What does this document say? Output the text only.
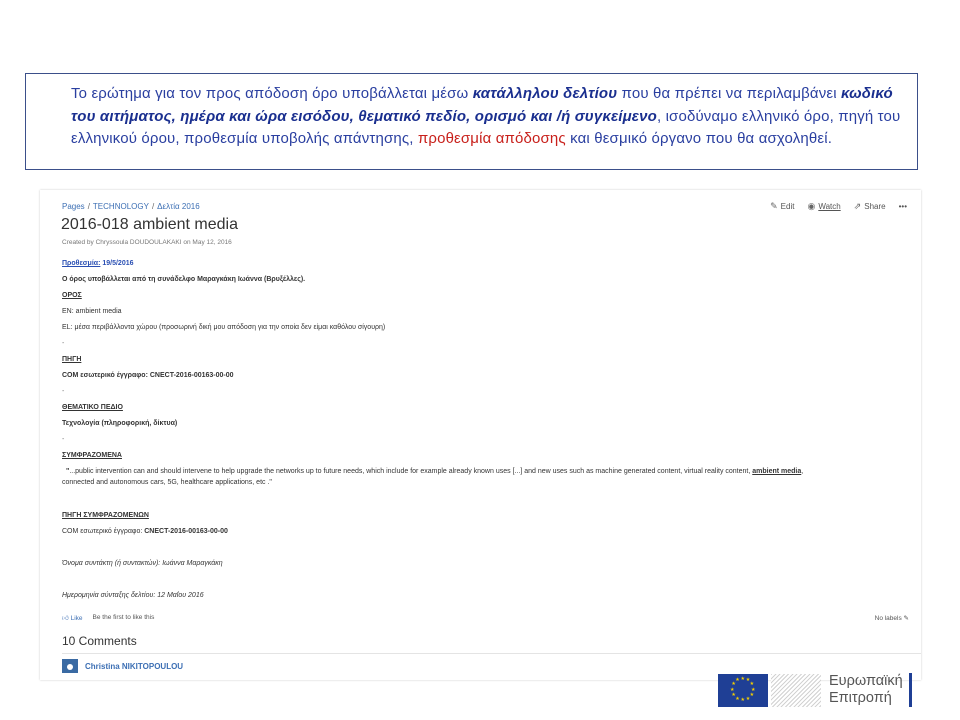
Το ερώτημα για τον προς απόδοση όρο υποβάλλεται μέσω κατάλληλου δελτίου που θα πρέπει να περιλαμβάνει κωδικό του αιτήματος, ημέρα και ώρα εισόδου, θεματικό πεδίο, ορισμό και /ή συγκείμενο, ισοδύναμο ελληνικό όρο, πηγή του ελληνικού όρου, προθεσμία υποβολής απάντησης, προθεσμία απόδοσης και θεσμικό όργανο που θα ασχοληθεί.
Pages / TECHNOLOGY / Δελτία 2016	✎ Edit ◉ Watch ⇗ Share •••
2016-018 ambient media
Created by Chryssoula DOUDOULAKAKI on May 12, 2016
Προθεσμία: 19/5/2016
Ο όρος υποβάλλεται από τη συνάδελφο Μαραγκάκη Ιωάννα (Βρυξέλλες).
ΟΡΟΣ
EN: ambient media
EL: μέσα περιβάλλοντα χώρου (προσωρινή δική μου απόδοση για την οποία δεν είμαι καθόλου σίγουρη)
-
ΠΗΓΗ
COM εσωτερικό έγγραφο: CNECT-2016-00163-00-00
-
ΘΕΜΑΤΙΚΟ ΠΕΔΙΟ
Τεχνολογία (πληροφορική, δίκτυα)
-
ΣΥΜΦΡΑΖΟΜΕΝΑ
"...public intervention can and should intervene to help upgrade the networks up to future needs, which include for example already known uses [...] and new uses such as machine generated content, virtual reality content, ambient media,
connected and autonomous cars, 5G, healthcare applications, etc ."
ΠΗΓΗ ΣΥΜΦΡΑΖΟΜΕΝΩΝ
COM εσωτερικό έγγραφο: CNECT-2016-00163-00-00
Όνομα συντάκτη (ή συντακτών): Ιωάννα Μαραγκάκη
Ημερομηνία σύνταξης δελτίου: 12 Μαΐου 2016
👍︎ Like Be the first to like this	No labels ✎
10 Comments
Christina NIKITOPOULOU
★
★
★
★
★
★
★
★
★ ★ ★
★	Ευρωπαϊκή
Επιτροπή
